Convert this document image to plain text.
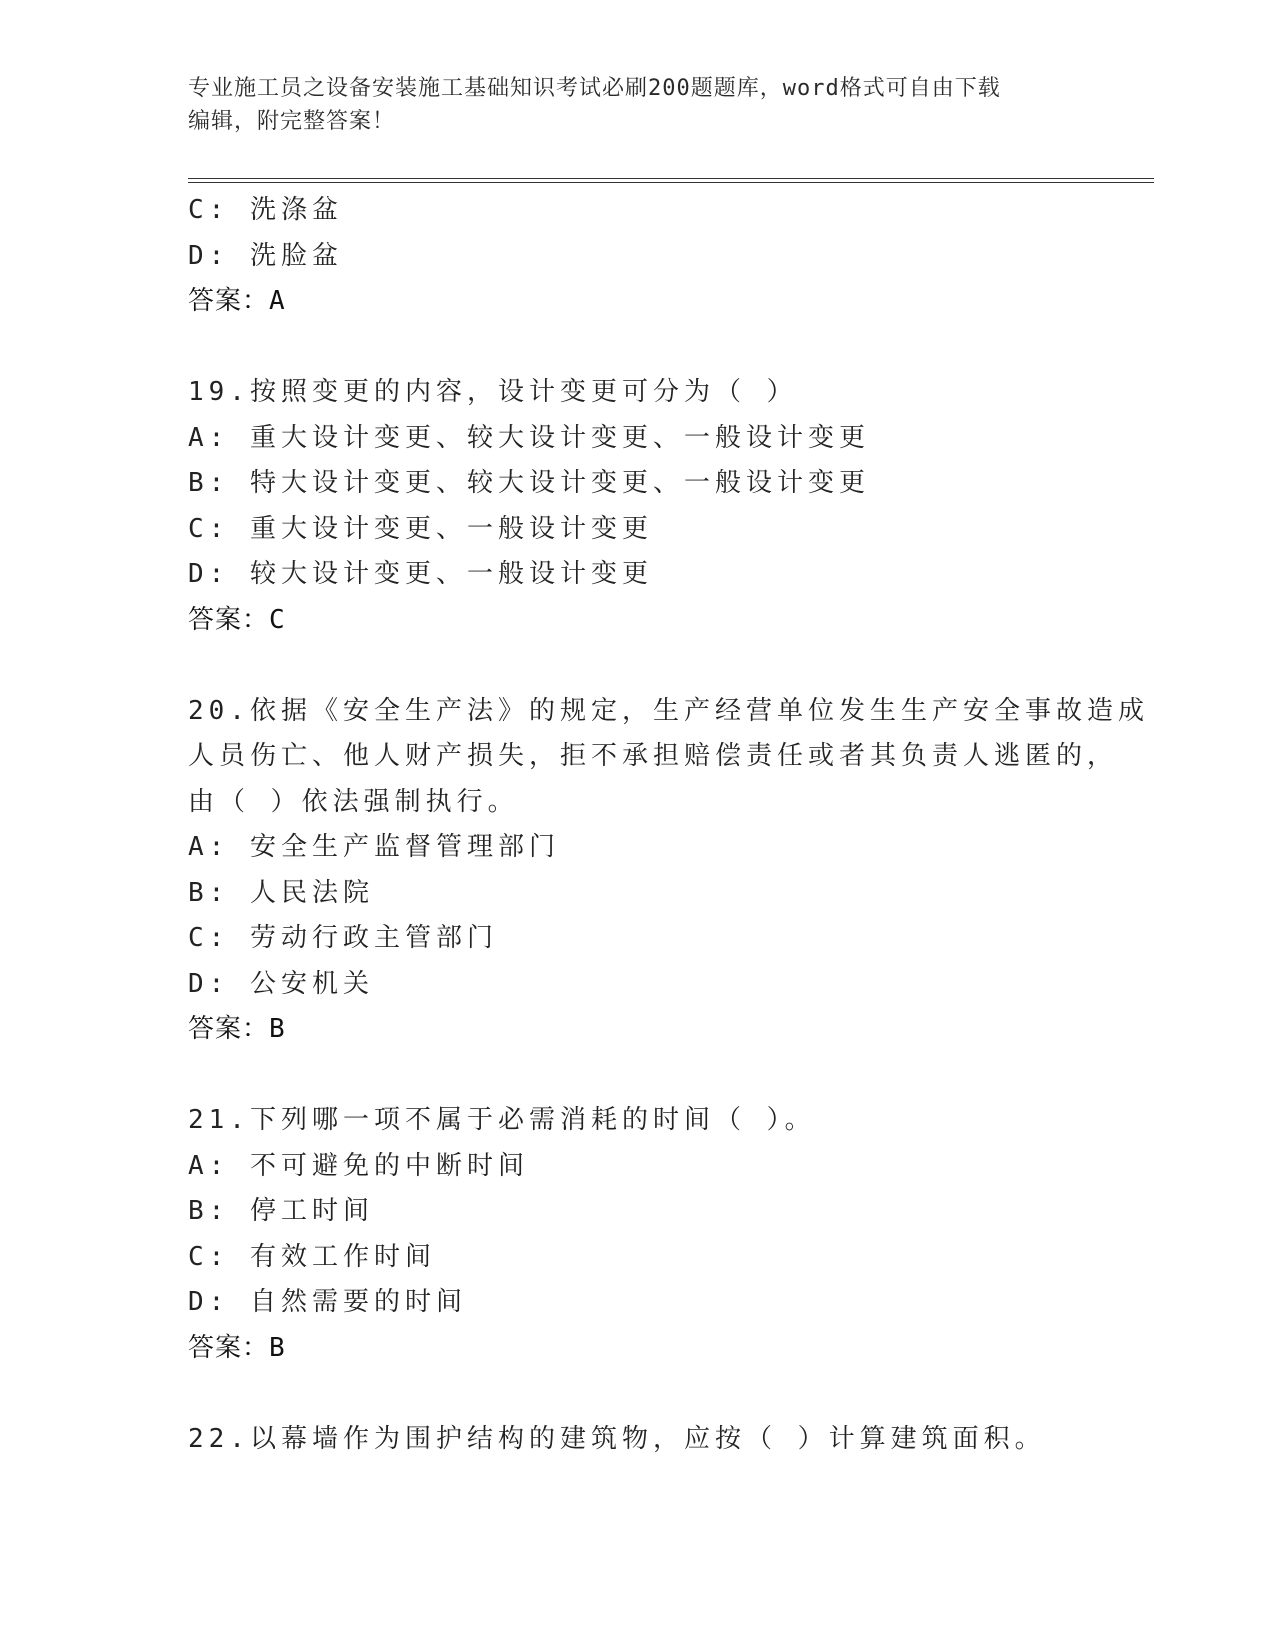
专业施工员之设备安装施工基础知识考试必刷200题题库，word格式可自由下载
编辑，附完整答案！
C: 洗涤盆
D: 洗脸盆
答案：A
19.按照变更的内容，设计变更可分为（ ）
A: 重大设计变更、较大设计变更、一般设计变更
B: 特大设计变更、较大设计变更、一般设计变更
C: 重大设计变更、一般设计变更
D: 较大设计变更、一般设计变更
答案：C
20.依据《安全生产法》的规定，生产经营单位发生生产安全事故造成
人员伤亡、他人财产损失，拒不承担赔偿责任或者其负责人逃匿的，
由（ ）依法强制执行。
A: 安全生产监督管理部门
B: 人民法院
C: 劳动行政主管部门
D: 公安机关
答案：B
21.下列哪一项不属于必需消耗的时间（ ）。
A: 不可避免的中断时间
B: 停工时间
C: 有效工作时间
D: 自然需要的时间
答案：B
22.以幕墙作为围护结构的建筑物，应按（ ）计算建筑面积。
